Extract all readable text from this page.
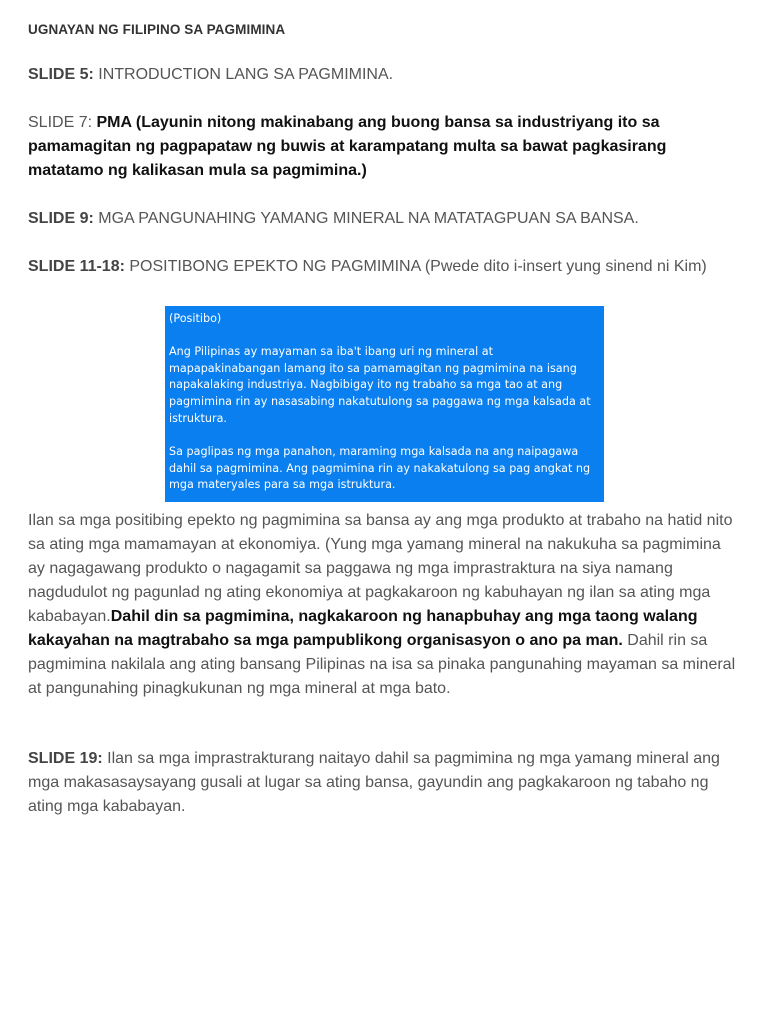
UGNAYAN NG FILIPINO SA PAGMIMINA
SLIDE 5: INTRODUCTION LANG SA PAGMIMINA.
SLIDE 7: PMA (Layunin nitong makinabang ang buong bansa sa industriyang ito sa pamamagitan ng pagpapataw ng buwis at karampatang multa sa bawat pagkasirang matatamo ng kalikasan mula sa pagmimina.)
SLIDE 9: MGA PANGUNAHING YAMANG MINERAL NA MATATAGPUAN SA BANSA.
SLIDE 11-18: POSITIBONG EPEKTO NG PAGMIMINA (Pwede dito i-insert yung sinend ni Kim)

(Positibo)

Ang Pilipinas ay mayaman sa iba't ibang uri ng mineral at mapapakinabangan lamang ito sa pamamagitan ng pagmimina na isang napakalaking industriya. Nagbibigay ito ng trabaho sa mga tao at ang pagmimina rin ay nasasabing nakatutulong sa paggawa ng mga kalsada at istruktura.

Sa paglipas ng mga panahon, maraming mga kalsada na ang naipagawa dahil sa pagmimina. Ang pagmimina rin ay nakakatulong sa pag angkat ng mga materyales para sa mga istruktura.

Ilan sa mga positibing epekto ng pagmimina sa bansa ay ang mga produkto at trabaho na hatid nito sa ating mga mamamayan at ekonomiya. (Yung mga yamang mineral na nakukuha sa pagmimina ay nagagawang produkto o nagagamit sa paggawa ng mga imprastraktura na siya namang nagdudulot ng pagunlad ng ating ekonomiya at pagkakaroon ng kabuhayan ng ilan sa ating mga kababayan.Dahil din sa pagmimina, nagkakaroon ng hanapbuhay ang mga taong walang kakayahan na magtrabaho sa mga pampublikong organisasyon o ano pa man. Dahil rin sa pagmimina nakilala ang ating bansang Pilipinas na isa sa pinaka pangunahing mayaman sa mineral at pangunahing pinagkukunan ng mga mineral at mga bato.
SLIDE 19: Ilan sa mga imprastrakturang naitayo dahil sa pagmimina ng mga yamang mineral ang mga makasasaysayang gusali at lugar sa ating bansa, gayundin ang pagkakaroon ng tabaho ng ating mga kababayan.
